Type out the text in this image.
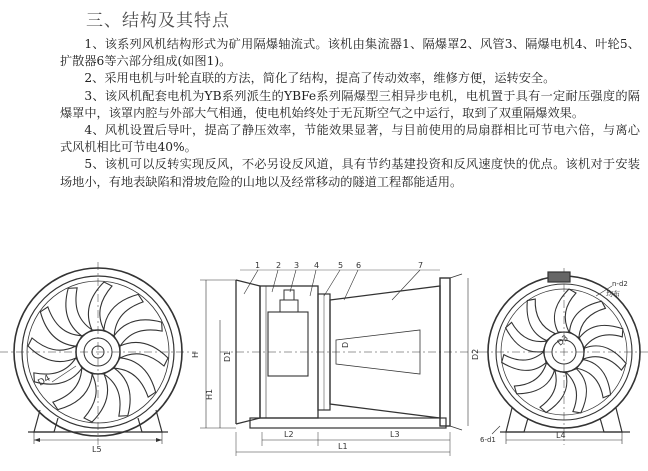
三、结构及其特点

1、该系列风机结构形式为矿用隔爆轴流式。该机由集流器1、隔爆罩2、风管3、隔爆电机4、叶轮5、扩散器6等六部分组成(如图1)。

2、采用电机与叶轮直联的方法，简化了结构，提高了传动效率，维修方便，运转安全。

3、该风机配套电机为YB系列派生的YBFe系列隔爆型三相异步电机，电机置于具有一定耐压强度的隔爆罩中，该罩内腔与外部大气相通，使电机始终处于无瓦斯空气之中运行，取到了双重隔爆效果。

4、风机设置后导叶，提高了静压效率，节能效果显著，与目前使用的局扇群相比可节电六倍，与离心式风机相比可节电40%。

5、该机可以反转实现反风，不必另设反风道，具有节约基建投资和反风速度快的优点。该机对于安装场地小，有地表缺陷和滑坡危险的山地以及经常移动的隧道工程都能适用。

D4
L5
1 2 3 4 5 6	7
H
H1
D1
D
D2
L2	L3
L1
D3
n-d2
均布
L4
6-d1
